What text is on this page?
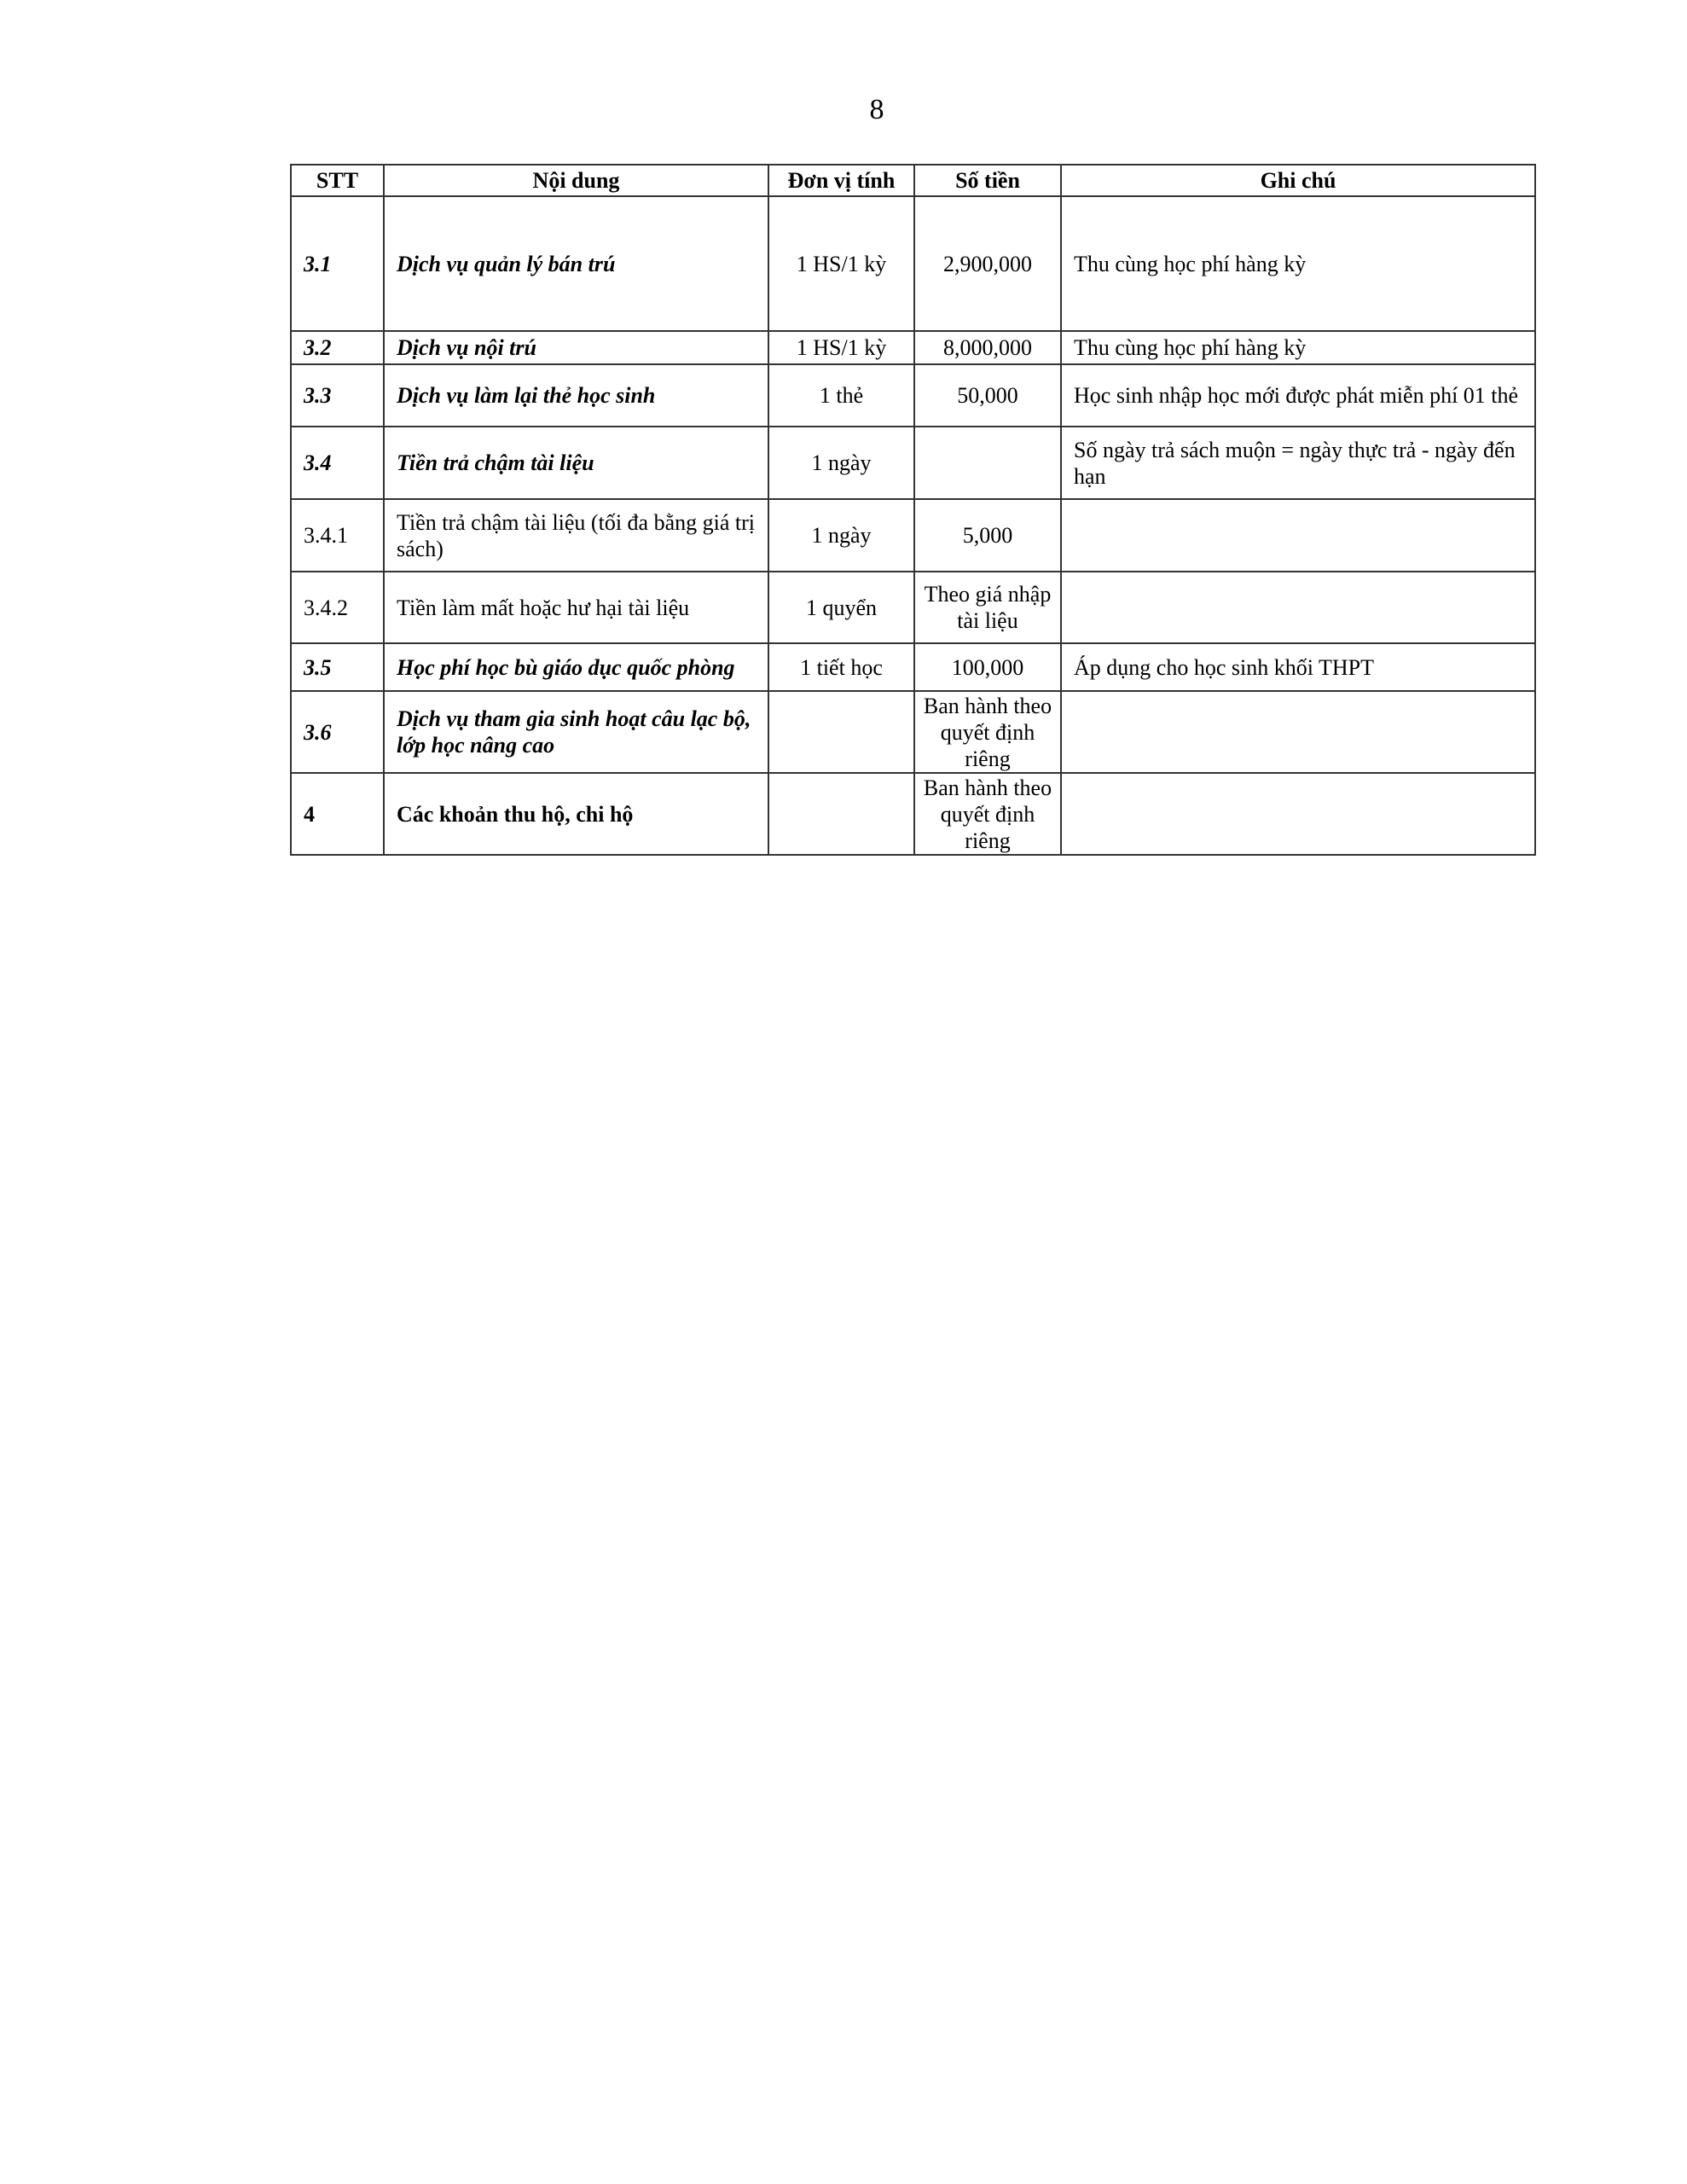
8
STT	Nội dung	Đơn vị tính	Số tiền	Ghi chú
3.1	Dịch vụ quản lý bán trú	1 HS/1 kỳ	2,900,000	Thu cùng học phí hàng kỳ
3.2	Dịch vụ nội trú	1 HS/1 kỳ	8,000,000	Thu cùng học phí hàng kỳ
3.3	Dịch vụ làm lại thẻ học sinh	1 thẻ	50,000	Học sinh nhập học mới được phát miễn phí 01 thẻ
3.4	Tiền trả chậm tài liệu	1 ngày		Số ngày trả sách muộn = ngày thực trả - ngày đến hạn
3.4.1	Tiền trả chậm tài liệu (tối đa bằng giá trị sách)	1 ngày	5,000	
3.4.2	Tiền làm mất hoặc hư hại tài liệu	1 quyển	Theo giá nhập tài liệu	
3.5	Học phí học bù giáo dục quốc phòng	1 tiết học	100,000	Áp dụng cho học sinh khối THPT
3.6	Dịch vụ tham gia sinh hoạt câu lạc bộ, lớp học nâng cao		Ban hành theo quyết định riêng	
4	Các khoản thu hộ, chi hộ		Ban hành theo quyết định riêng	
